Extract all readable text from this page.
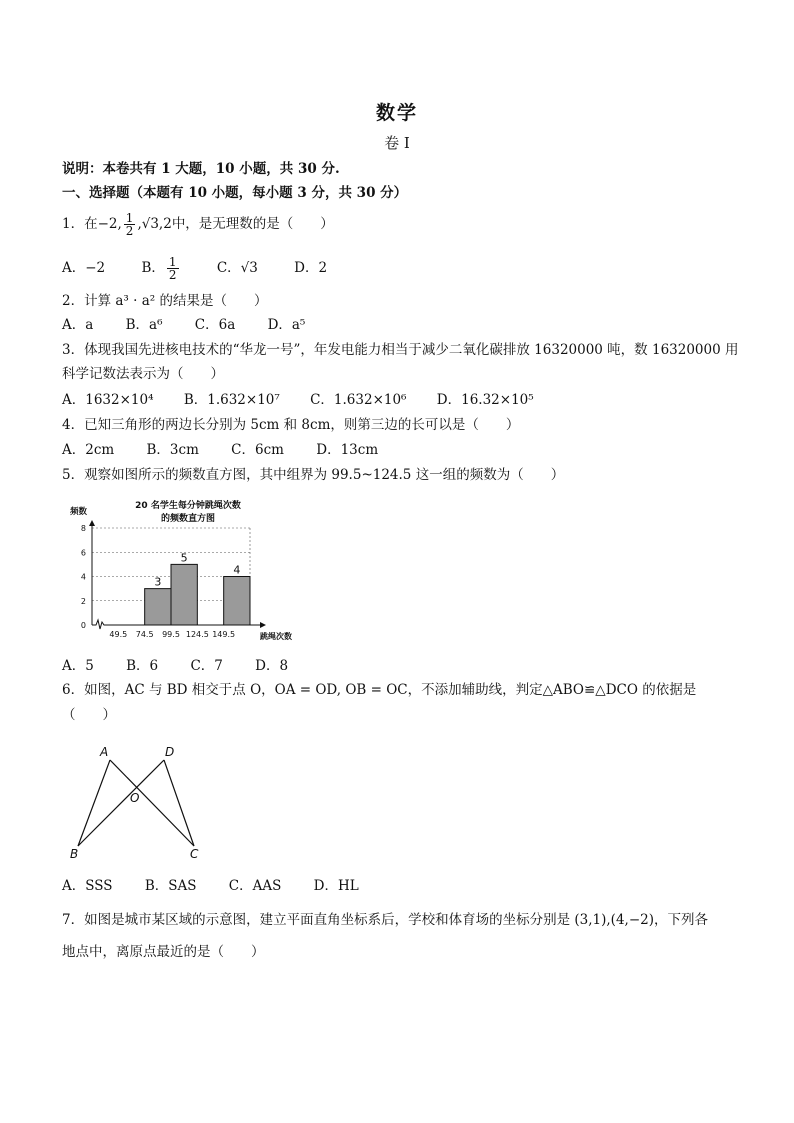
数学
卷 I
说明：本卷共有 1 大题，10 小题，共 30 分.
一、选择题（本题有 10 小题，每小题 3 分，共 30 分）
1．在−2, $\frac{1}{2} ,√3,2$中，是无理数的是（　　）
A．−2	B． $\frac{1}{2}$	C．√3	D．2
2．计算 a³ · a² 的结果是（　　）
A．a B．a⁶ C．6a D．a⁵
3．体现我国先进核电技术的“华龙一号”，年发电能力相当于减少二氧化碳排放 16320000 吨，数 16320000 用
科学记数法表示为（　　）
A．1632×10⁴ B．1.632×10⁷ C．1.632×10⁶ D．16.32×10⁵
4．已知三角形的两边长分别为 5cm 和 8cm，则第三边的长可以是（　　）
A．2cm B．3cm C．6cm D．13cm
5．观察如图所示的频数直方图，其中组界为 99.5~124.5 这一组的频数为（　　）
20 名学生每分钟跳绳次数
的频数直方图
频数
跳绳次数
3
5
4
0
2
4
6
8
49.5 74.5 99.5 124.5 149.5
A．5 B．6 C．7 D．8
6．如图，AC 与 BD 相交于点 O，OA = OD, OB = OC，不添加辅助线，判定△ABO≌△DCO 的依据是
（　　）
A	D
O
B	C
A．SSS B．SAS C．AAS D．HL
7．如图是城市某区域的示意图，建立平面直角坐标系后，学校和体育场的坐标分别是 (3,1),(4,−2)，下列各
地点中，离原点最近的是（　　）
